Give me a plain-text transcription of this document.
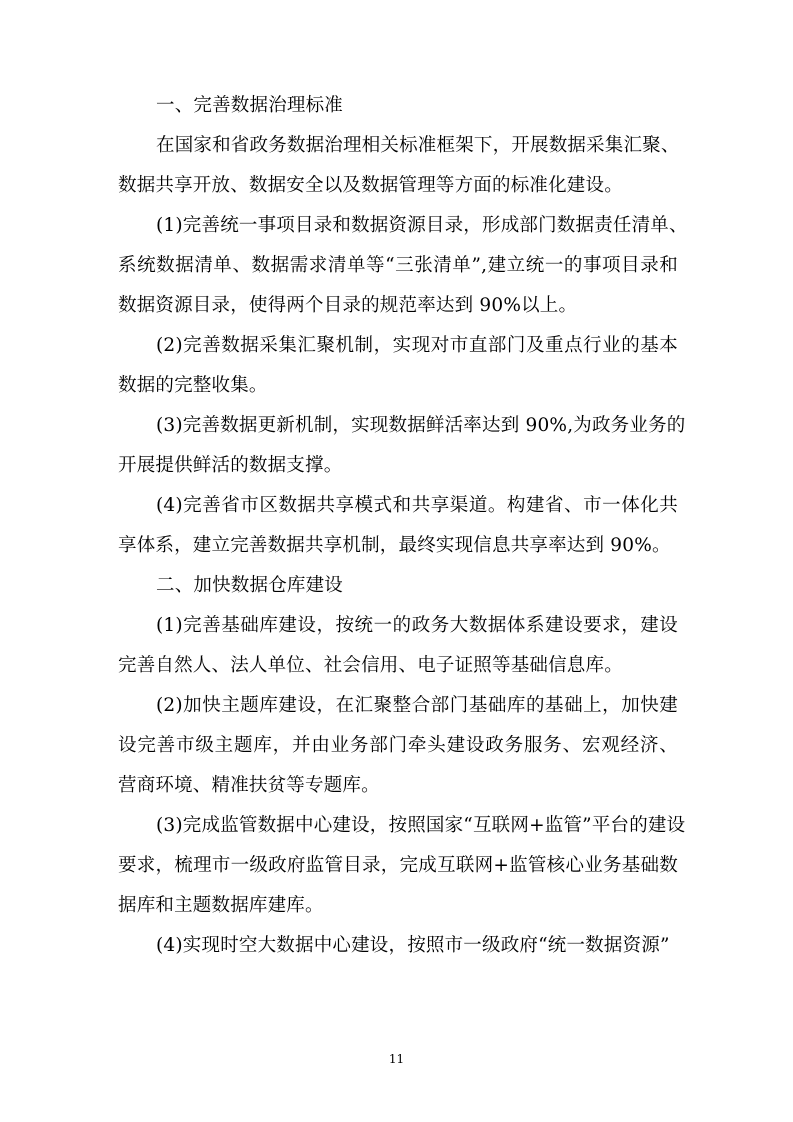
一、完善数据治理标准

在国家和省政务数据治理相关标准框架下，开展数据采集汇聚、

数据共享开放、数据安全以及数据管理等方面的标准化建设。

(1)完善统一事项目录和数据资源目录，形成部门数据责任清单、

系统数据清单、数据需求清单等“三张清单”,建立统一的事项目录和

数据资源目录，使得两个目录的规范率达到 90%以上。

(2)完善数据采集汇聚机制，实现对市直部门及重点行业的基本

数据的完整收集。

(3)完善数据更新机制，实现数据鲜活率达到 90%,为政务业务的

开展提供鲜活的数据支撑。

(4)完善省市区数据共享模式和共享渠道。构建省、市一体化共

享体系，建立完善数据共享机制，最终实现信息共享率达到 90%。

二、加快数据仓库建设

(1)完善基础库建设，按统一的政务大数据体系建设要求，建设

完善自然人、法人单位、社会信用、电子证照等基础信息库。

(2)加快主题库建设，在汇聚整合部门基础库的基础上，加快建

设完善市级主题库，并由业务部门牵头建设政务服务、宏观经济、

营商环境、精准扶贫等专题库。

(3)完成监管数据中心建设，按照国家“互联网+监管”平台的建设

要求，梳理市一级政府监管目录，完成互联网+监管核心业务基础数

据库和主题数据库建库。

(4)实现时空大数据中心建设，按照市一级政府“统一数据资源”

11
